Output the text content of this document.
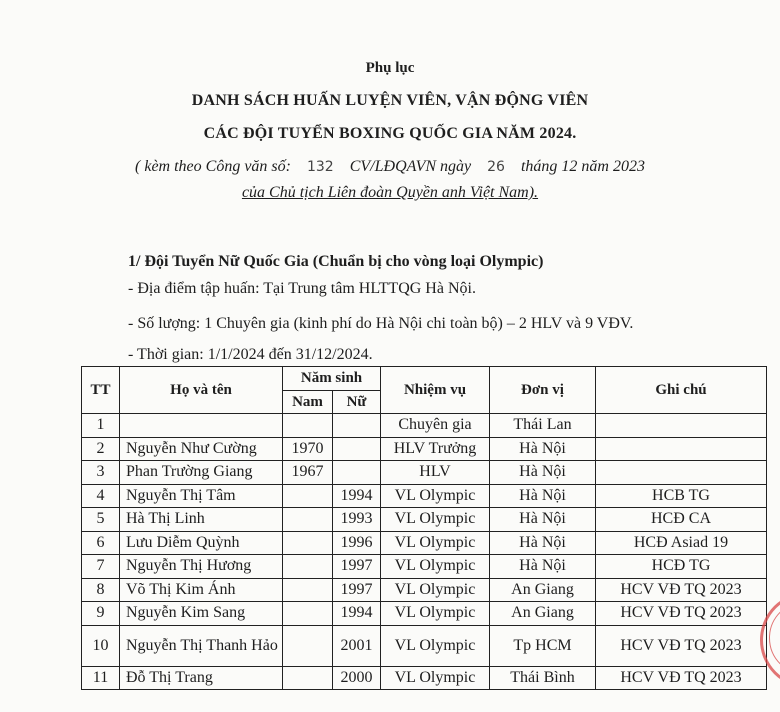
Phụ lục
DANH SÁCH HUẤN LUYỆN VIÊN, VẬN ĐỘNG VIÊN
CÁC ĐỘI TUYỂN BOXING QUỐC GIA NĂM 2024.
( kèm theo Công văn số: 132 CV/LĐQAVN ngày 26 tháng 12 năm 2023
của Chủ tịch Liên đoàn Quyền anh Việt Nam).
1/ Đội Tuyển Nữ Quốc Gia (Chuẩn bị cho vòng loại Olympic)
- Địa điểm tập huấn: Tại Trung tâm HLTTQG Hà Nội.
- Số lượng: 1 Chuyên gia (kinh phí do Hà Nội chi toàn bộ) – 2 HLV và 9 VĐV.
- Thời gian: 1/1/2024 đến 31/12/2024.
TT	Họ và tên	Năm sinh		Nhiệm vụ	Đơn vị	Ghi chú
		Nam	Nữ			
1				Chuyên gia	Thái Lan	
2	Nguyễn Như Cường	1970		HLV Trưởng	Hà Nội	
3	Phan Trường Giang	1967		HLV	Hà Nội	
4	Nguyễn Thị Tâm		1994	VL Olympic	Hà Nội	HCB TG
5	Hà Thị Linh		1993	VL Olympic	Hà Nội	HCĐ CA
6	Lưu Diễm Quỳnh		1996	VL Olympic	Hà Nội	HCĐ Asiad 19
7	Nguyễn Thị Hương		1997	VL Olympic	Hà Nội	HCĐ TG
8	Võ Thị Kim Ánh		1997	VL Olympic	An Giang	HCV VĐ TQ 2023
9	Nguyễn Kim Sang		1994	VL Olympic	An Giang	HCV VĐ TQ 2023
10	Nguyễn Thị Thanh Hảo		2001	VL Olympic	Tp HCM	HCV VĐ TQ 2023
11	Đỗ Thị Trang		2000	VL Olympic	Thái Bình	HCV VĐ TQ 2023
